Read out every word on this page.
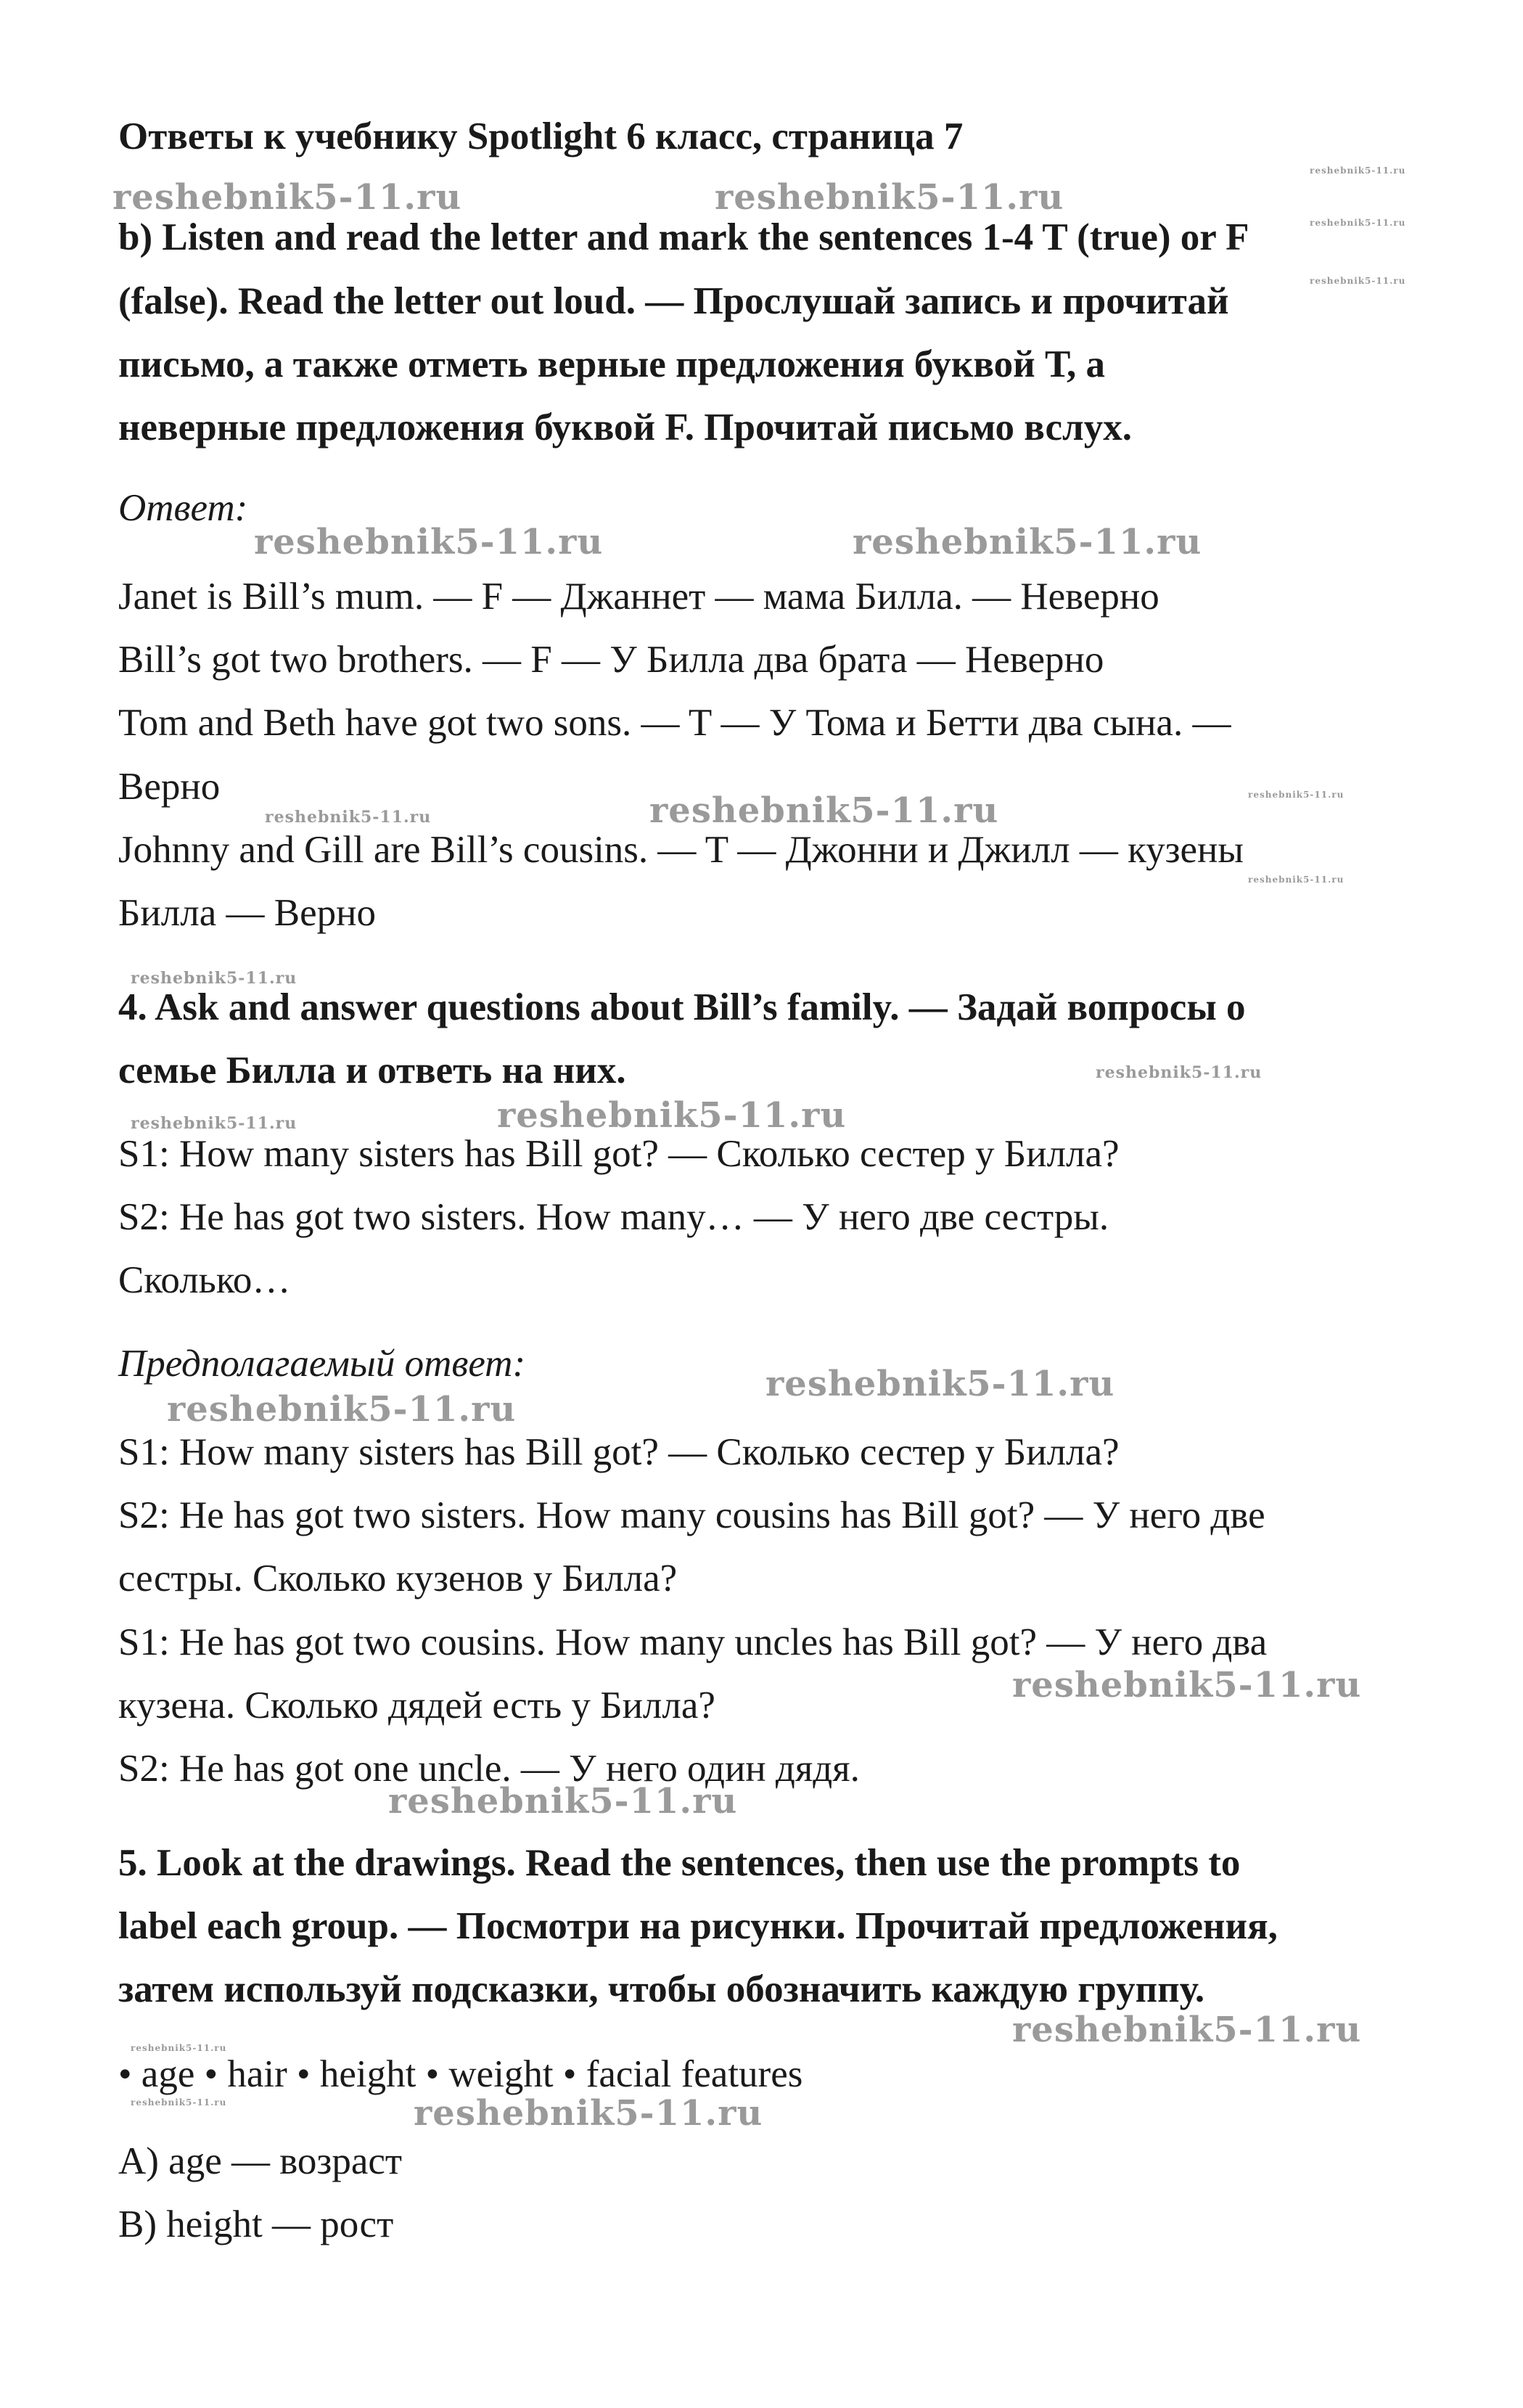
Ответы к учебнику Spotlight 6 класс, страница 7

b) Listen and read the letter and mark the sentences 1-4 T (true) or F

(false). Read the letter out loud. — Прослушай запись и прочитай

письмо, а также отметь верные предложения буквой Т, а

неверные предложения буквой F. Прочитай письмо вслух.

Ответ:

Janet is Bill’s mum. — F — Джаннет — мама Билла. — Неверно

Bill’s got two brothers. — F — У Билла два брата — Неверно

Tom and Beth have got two sons. — T — У Тома и Бетти два сына. —

Верно

Johnny and Gill are Bill’s cousins. — T — Джонни и Джилл — кузены

Билла — Верно

4. Ask and answer questions about Bill’s family. — Задай вопросы о

семье Билла и ответь на них.

S1: How many sisters has Bill got? — Сколько сестер у Билла?

S2: He has got two sisters. How many… — У него две сестры.

Сколько…

Предполагаемый ответ:

S1: How many sisters has Bill got? — Сколько сестер у Билла?

S2: He has got two sisters. How many cousins has Bill got? — У него две

сестры. Сколько кузенов у Билла?

S1: He has got two cousins. How many uncles has Bill got? — У него два

кузена. Сколько дядей есть у Билла?

S2: He has got one uncle. — У него один дядя.

5. Look at the drawings. Read the sentences, then use the prompts to

label each group. — Посмотри на рисунки. Прочитай предложения,

затем используй подсказки, чтобы обозначить каждую группу.

• age • hair • height • weight • facial features

A) age — возраст

B) height — рост

reshebnik5-11.ru	reshebnik5-11.ru

reshebnik5-11.ru	reshebnik5-11.ru

reshebnik5-11.ru

reshebnik5-11.ru

reshebnik5-11.ru

reshebnik5-11.ru

reshebnik5-11.ru

reshebnik5-11.ru

reshebnik5-11.ru

reshebnik5-11.ru

reshebnik5-11.ru

reshebnik5-11.ru

reshebnik5-11.ru

reshebnik5-11.ru

reshebnik5-11.ru

reshebnik5-11.ru

reshebnik5-11.ru

reshebnik5-11.ru

reshebnik5-11.ru

reshebnik5-11.ru

reshebnik5-11.ru
